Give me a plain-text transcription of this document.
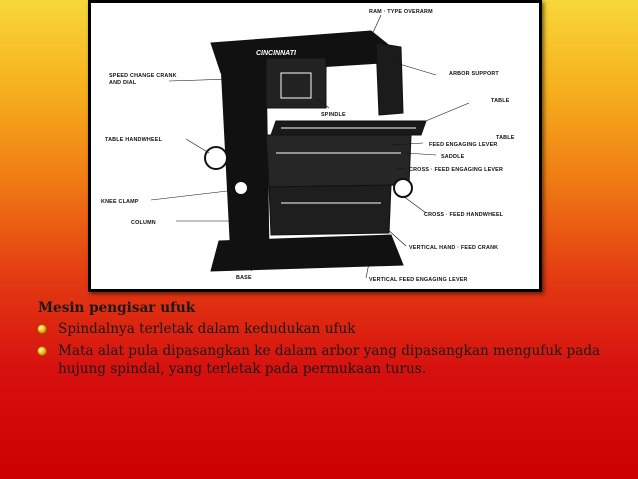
CINCINNATI
RAM · TYPE OVERARM
SPEED CHANGE CRANK
AND DIAL
ARBOR SUPPORT
TABLE
SPINDLE
TABLE HANDWHEEL	TABLE
FEED ENGAGING LEVER
SADDLE
CROSS · FEED ENGAGING LEVER
KNEE CLAMP
COLUMN
CROSS · FEED HANDWHEEL
VERTICAL HAND · FEED CRANK
BASE	VERTICAL FEED ENGAGING LEVER
Mesin pengisar ufuk
Spindalnya terletak dalam kedudukan ufuk
Mata alat pula dipasangkan ke dalam arbor yang dipasangkan mengufuk pada hujung spindal, yang terletak pada permukaan turus.
